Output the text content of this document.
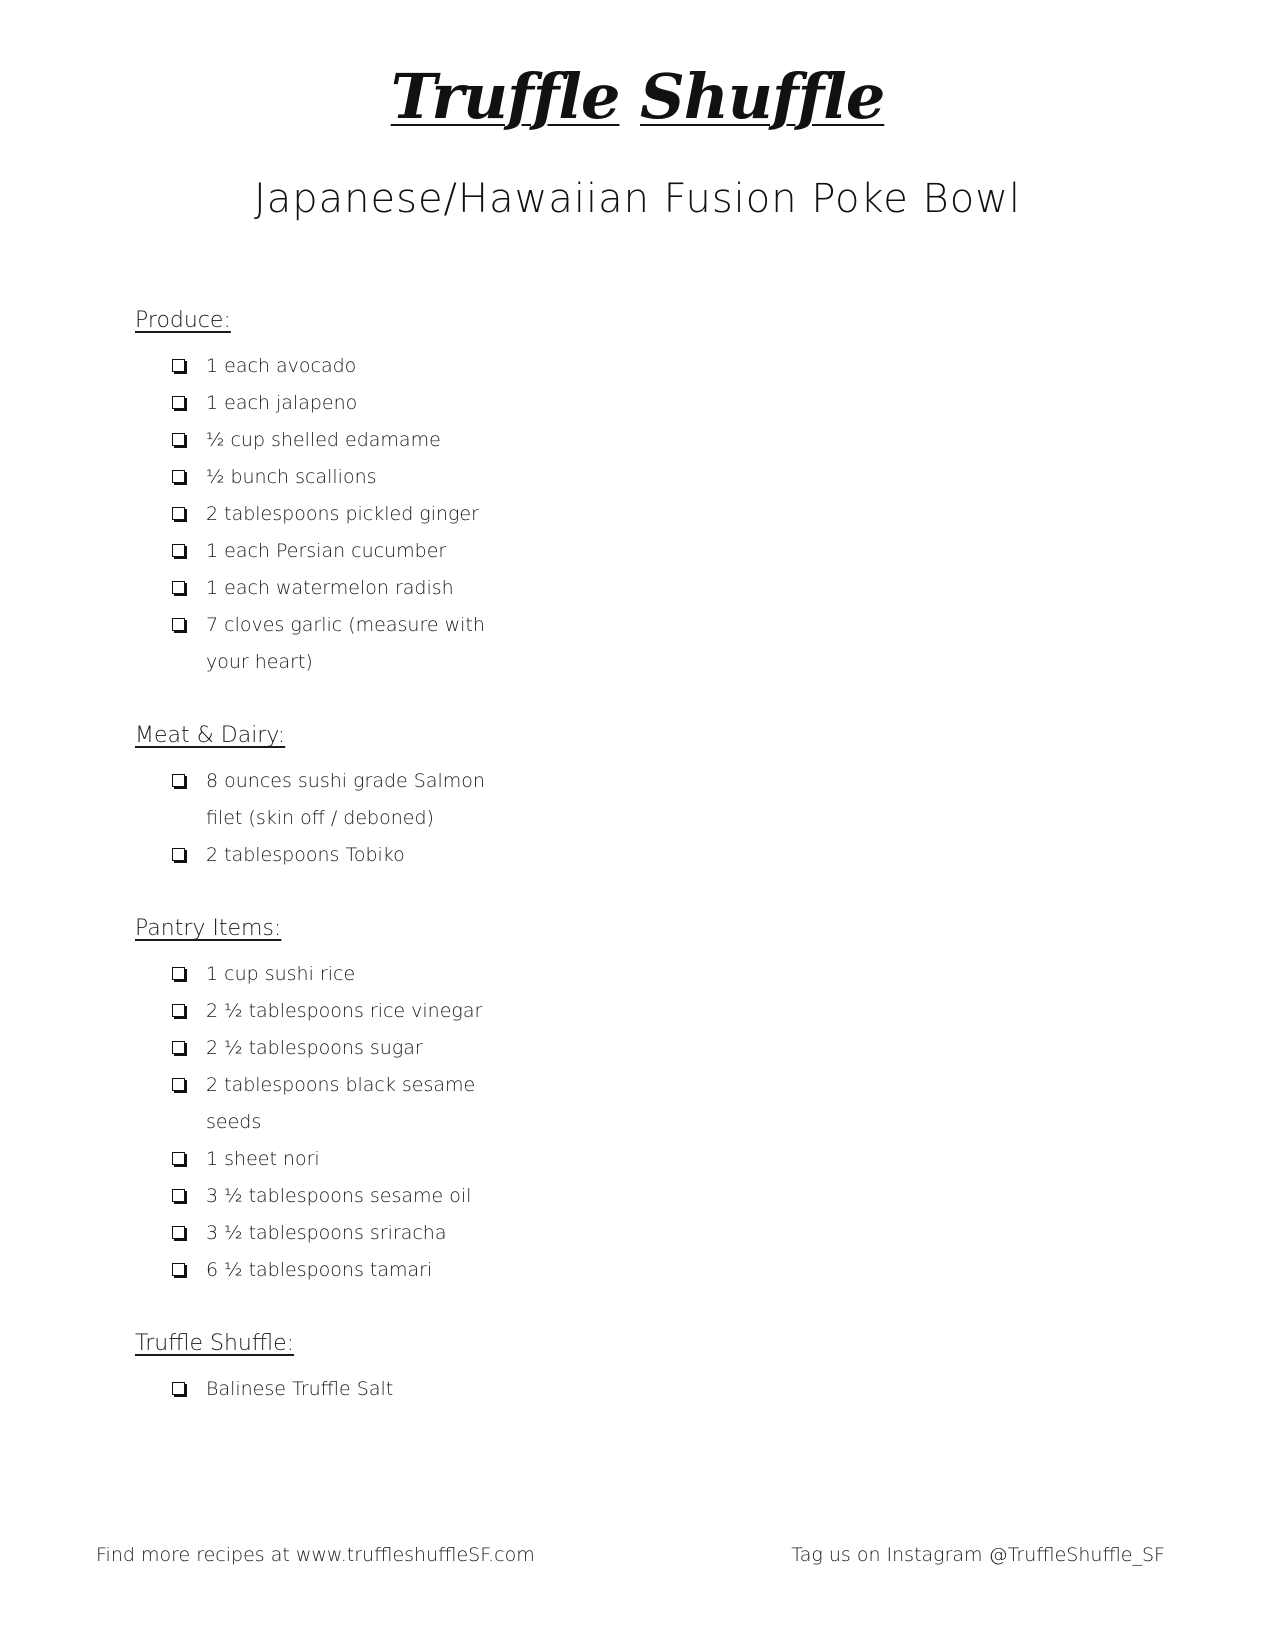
Truffle Shuffle
Japanese/Hawaiian Fusion Poke Bowl
Produce:
1 each avocado
1 each jalapeno
½ cup shelled edamame
½ bunch scallions
2 tablespoons pickled ginger
1 each Persian cucumber
1 each watermelon radish
7 cloves garlic (measure with your heart)
Meat & Dairy:
8 ounces sushi grade Salmon filet (skin off / deboned)
2 tablespoons Tobiko
Pantry Items:
1 cup sushi rice
2 ½ tablespoons rice vinegar
2 ½ tablespoons sugar
2 tablespoons black sesame seeds
1 sheet nori
3 ½ tablespoons sesame oil
3 ½ tablespoons sriracha
6 ½ tablespoons tamari
Truffle Shuffle:
Balinese Truffle Salt
Find more recipes at www.truffleshuffleSF.com	Tag us on Instagram @TruffleShuffle_SF
